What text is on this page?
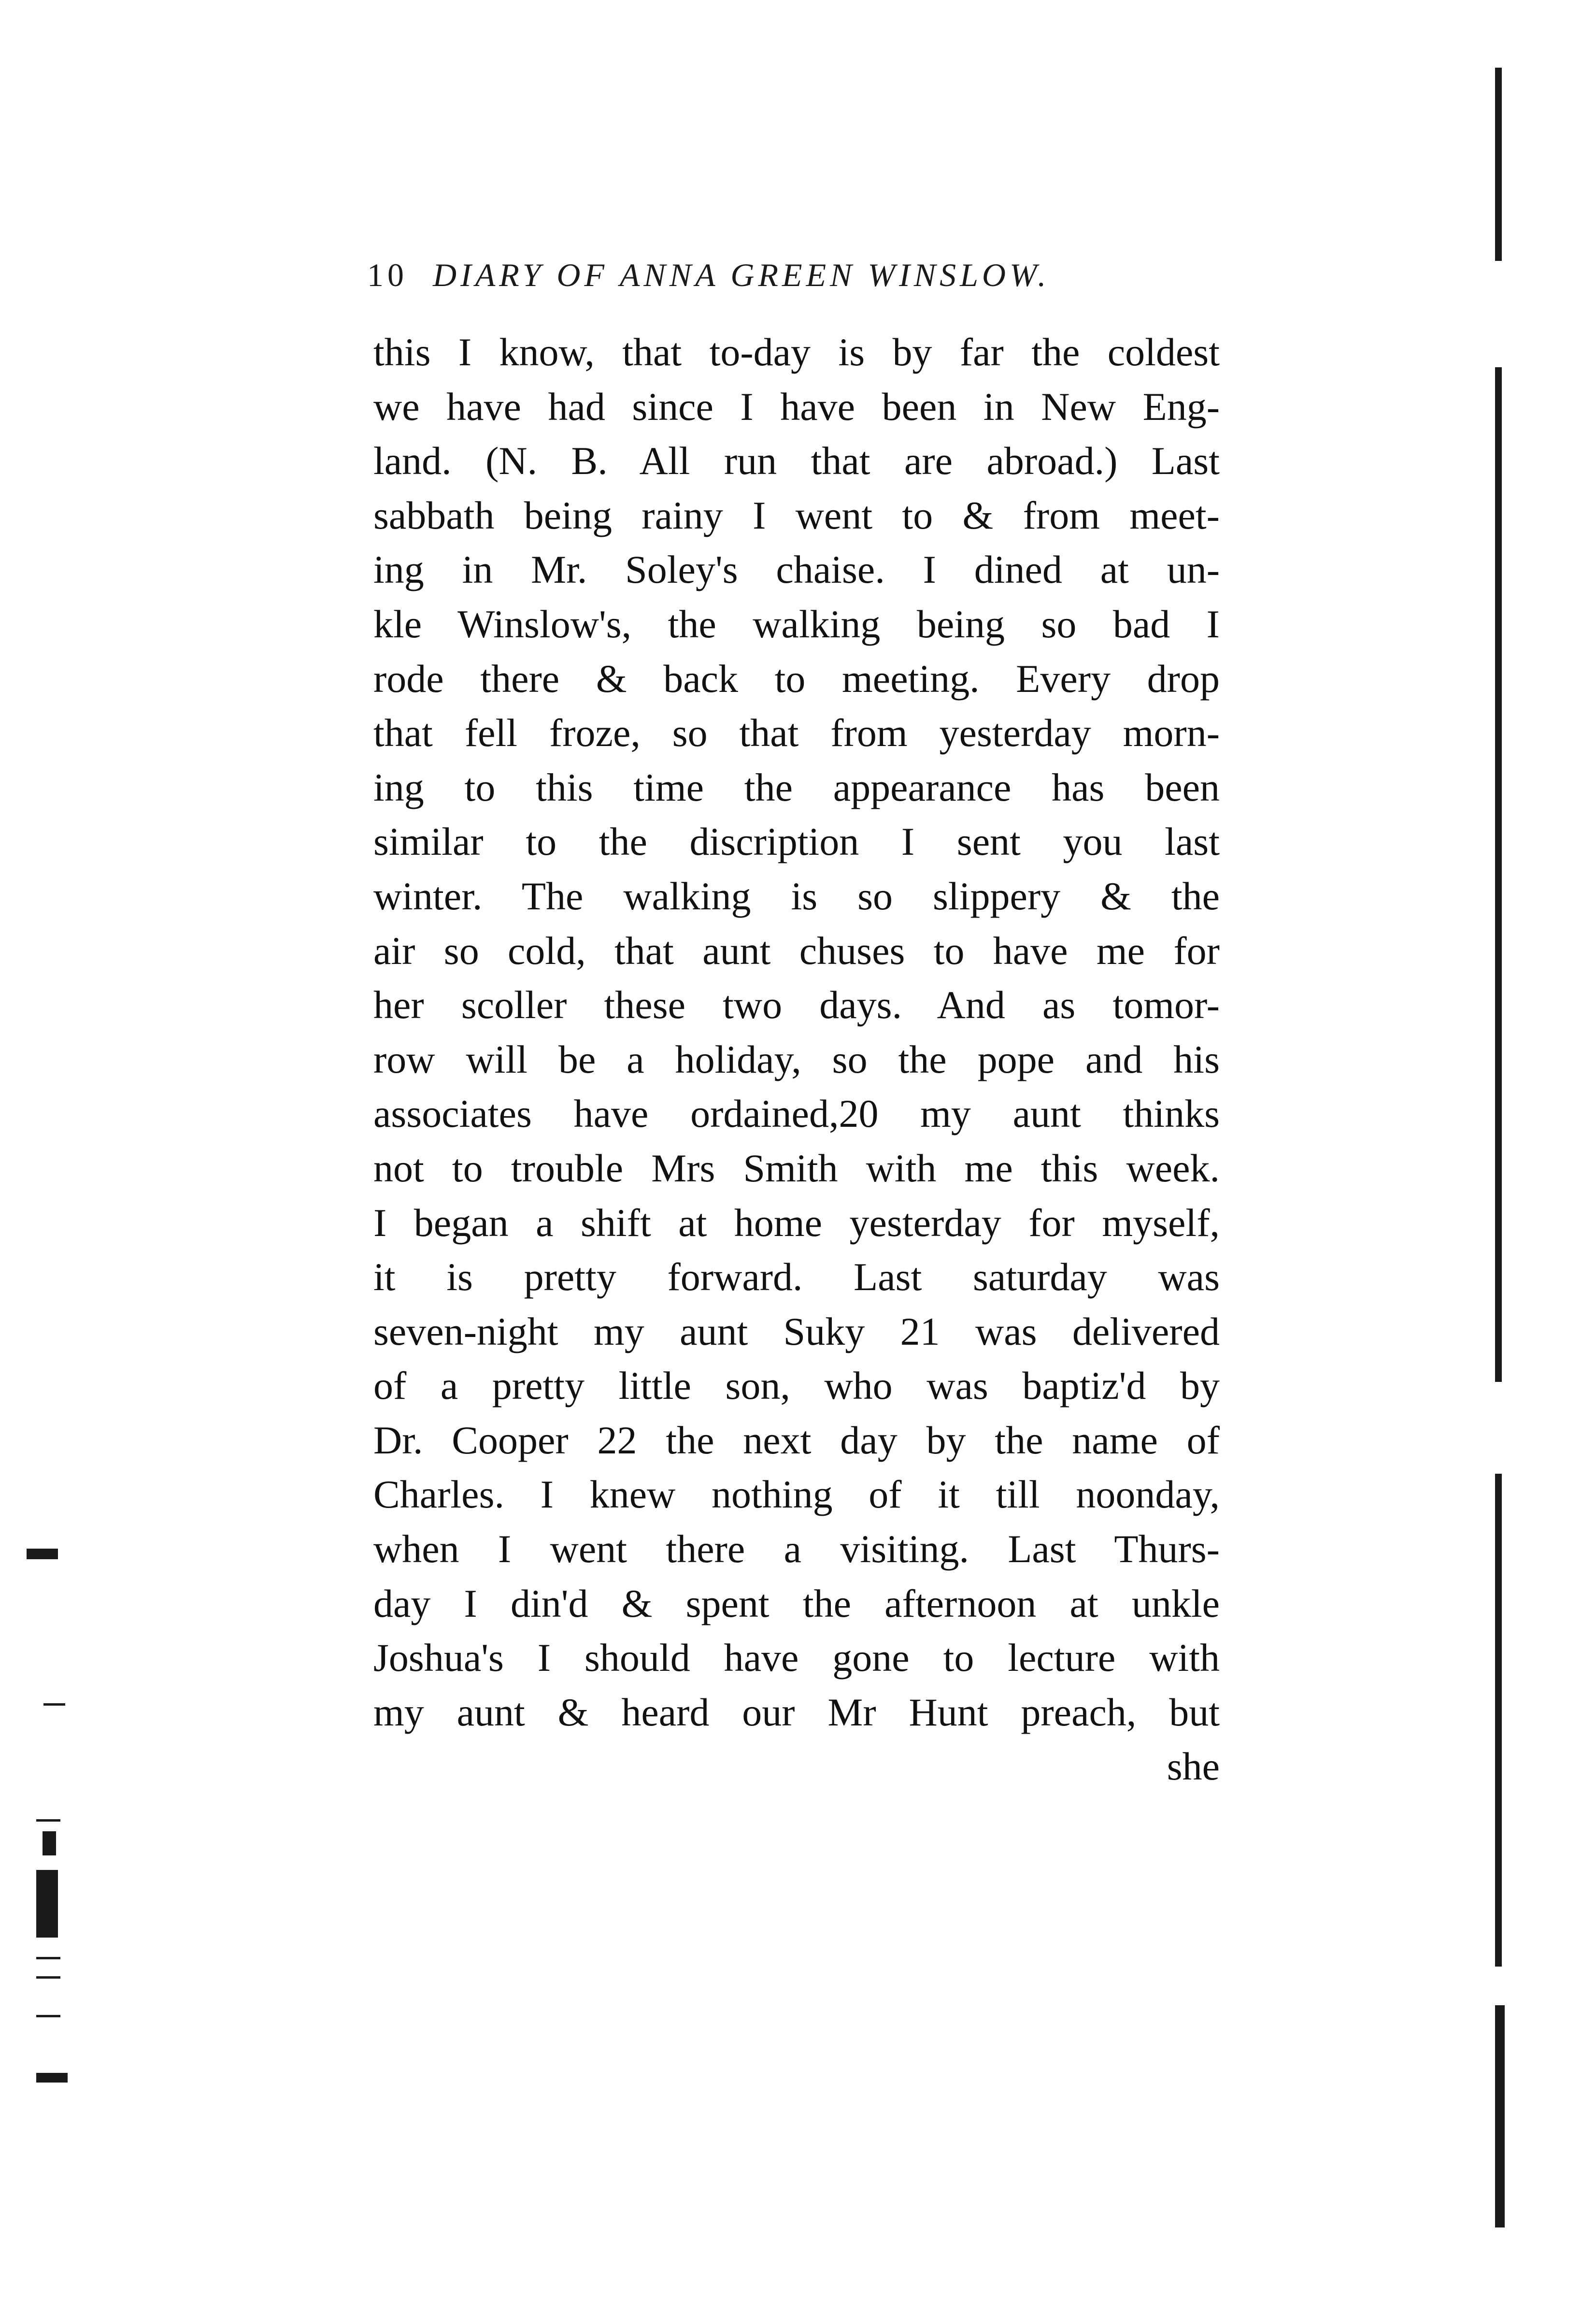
10 DIARY OF ANNA GREEN WINSLOW.
this I know, that to-day is by far the coldest
we have had since I have been in New Eng-
land. (N. B. All run that are abroad.) Last
sabbath being rainy I went to & from meet-
ing in Mr. Soley's chaise. I dined at un-
kle Winslow's, the walking being so bad I
rode there & back to meeting. Every drop
that fell froze, so that from yesterday morn-
ing to this time the appearance has been
similar to the discription I sent you last
winter. The walking is so slippery & the
air so cold, that aunt chuses to have me for
her scoller these two days. And as tomor-
row will be a holiday, so the pope and his
associates have ordained,20 my aunt thinks
not to trouble Mrs Smith with me this week.
I began a shift at home yesterday for myself,
it is pretty forward. Last saturday was
seven-night my aunt Suky 21 was delivered
of a pretty little son, who was baptiz'd by
Dr. Cooper 22 the next day by the name of
Charles. I knew nothing of it till noonday,
when I went there a visiting. Last Thurs-
day I din'd & spent the afternoon at unkle
Joshua's I should have gone to lecture with
my aunt & heard our Mr Hunt preach, but
she
